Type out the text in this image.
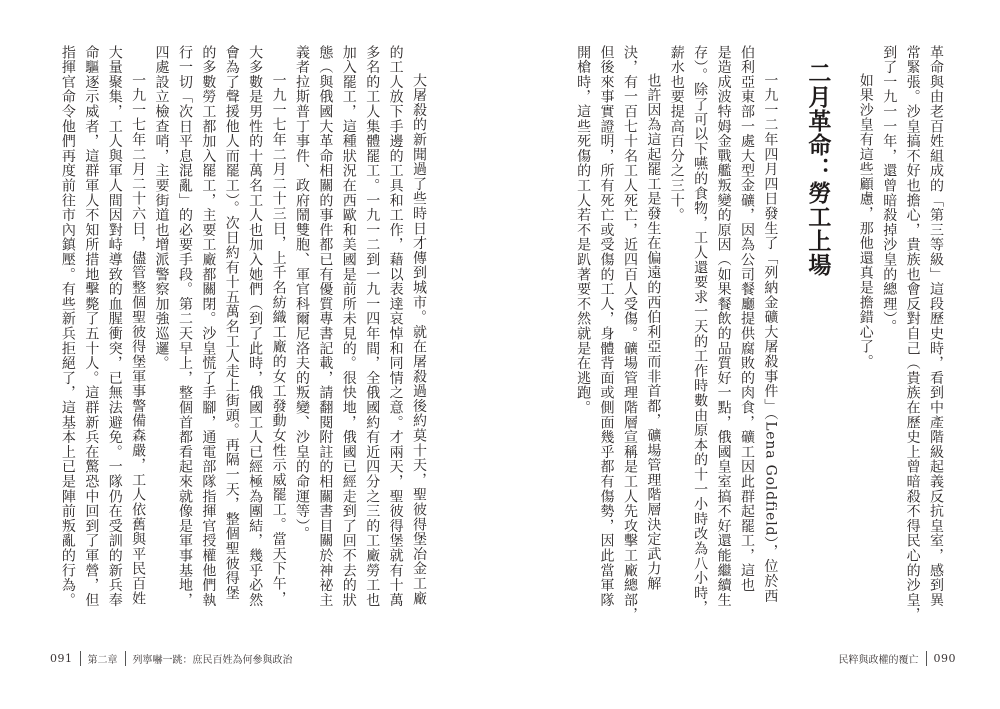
革命與由老百姓組成的「第三等級」這段歷史時，看到中產階級起義反抗皇室，感到異
常緊張。沙皇搞不好也擔心，貴族也會反對自己（貴族在歷史上曾暗殺不得民心的沙皇，
到了一九一一年，還曾暗殺掉沙皇的總理）。
如果沙皇有這些顧慮，那他還真是擔錯心了。
二月革命：勞工上場
一九一二年四月四日發生了「列納金礦大屠殺事件」（Lena Goldfield），位於西
伯利亞東部一處大型金礦，因為公司餐廳提供腐敗的肉食，礦工因此群起罷工，這也
是造成波特姆金戰艦叛變的原因（如果餐飲的品質好一點，俄國皇室搞不好還能繼續生
存）。除了可以下嚥的食物，工人還要求一天的工作時數由原本的十一小時改為八小時，
薪水也要提高百分之三十。
也許因為這起罷工是發生在偏遠的西伯利亞而非首都，礦場管理階層決定武力解
決，有一百七十名工人死亡，近四百人受傷。礦場管理階層宣稱是工人先攻擊工廠總部，
但後來事實證明，所有死亡或受傷的工人，身體背面或側面幾乎都有傷勢，因此當軍隊
開槍時，這些死傷的工人若不是趴著要不然就是在逃跑。
大屠殺的新聞過了些時日才傳到城市。就在屠殺過後約莫十天，聖彼得堡冶金工廠
的工人放下手邊的工具和工作，藉以表達哀悼和同情之意。才兩天，聖彼得堡就有十萬
多名的工人集體罷工。一九一二到一九一四年間，全俄國約有近四分之三的工廠勞工也
加入罷工，這種狀況在西歐和美國是前所未見的。很快地，俄國已經走到了回不去的狀
態（與俄國大革命相關的事件都已有優質專書記載，請翻閱附註的相關書目關於神祕主
義者拉斯普丁事件、政府鬧雙胞、軍官科爾尼洛夫的叛變、沙皇的命運等）。
一九一七年二月二十三日，上千名紡織工廠的女工發動女性示威罷工。當天下午，
大多數是男性的十萬名工人也加入她們（到了此時，俄國工人已經極為團結，幾乎必然
會為了聲援他人而罷工）。次日約有十五萬名工人走上街頭。再隔一天，整個聖彼得堡
的多數勞工都加入罷工，主要工廠都關閉。沙皇慌了手腳，通電部隊指揮官授權他們執
行一切「次日平息混亂」的必要手段。第二天早上，整個首都看起來就像是軍事基地，
四處設立檢查哨，主要街道也增派警察加強巡邏。
一九一七年二月二十六日，儘管整個聖彼得堡軍事警備森嚴，工人依舊與平民百姓
大量聚集，工人與軍人間因對峙導致的血腥衝突，已無法避免。一隊仍在受訓的新兵奉
命驅逐示威者，這群軍人不知所措地擊斃了五十人。這群新兵在驚恐中回到了軍營，但
指揮官命令他們再度前往市內鎮壓。有些新兵拒絕了，這基本上已是陣前叛亂的行為。
091 第二章 列寧嚇一跳：庶民百姓為何參與政治	民粹與政權的覆亡 090
